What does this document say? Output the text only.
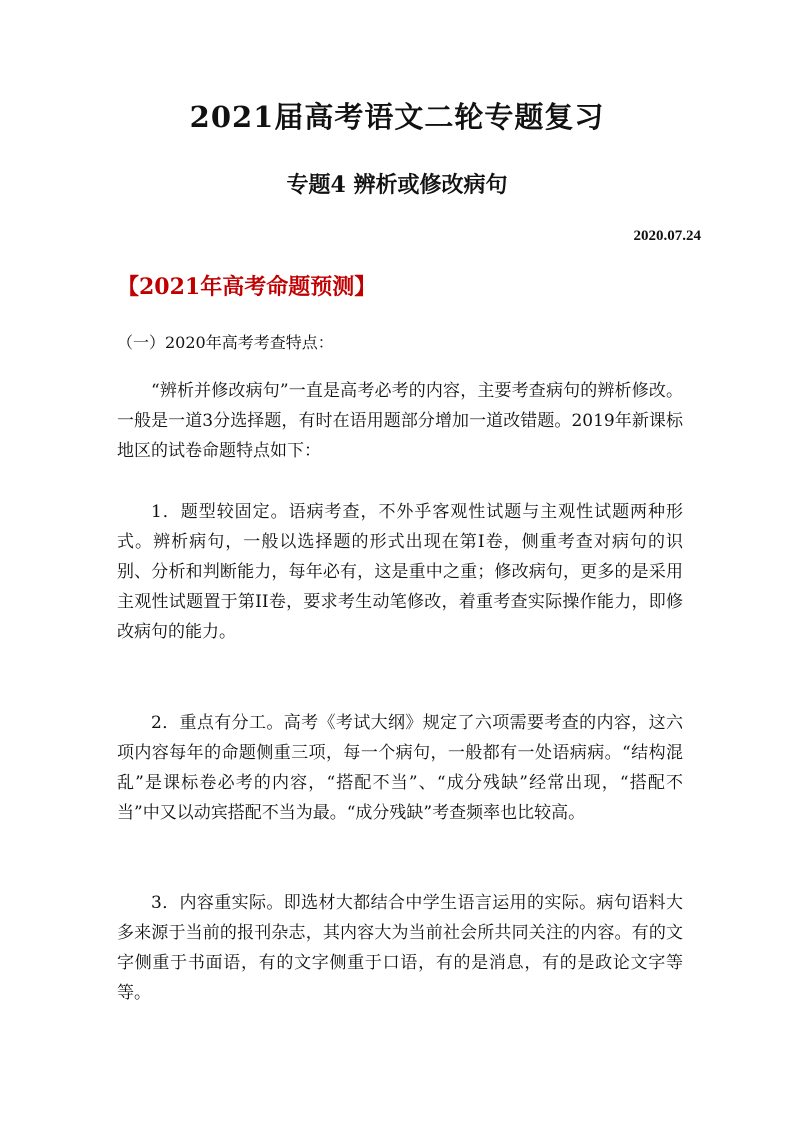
2021届高考语文二轮专题复习
专题4 辨析或修改病句
2020.07.24
【2021年高考命题预测】
（一）2020年高考考查特点：

“辨析并修改病句”一直是高考必考的内容，主要考查病句的辨析修改。一般是一道3分选择题，有时在语用题部分增加一道改错题。2019年新课标地区的试卷命题特点如下：

1．题型较固定。语病考查，不外乎客观性试题与主观性试题两种形式。辨析病句，一般以选择题的形式出现在第Ⅰ卷，侧重考查对病句的识别、分析和判断能力，每年必有，这是重中之重；修改病句，更多的是采用主观性试题置于第II卷，要求考生动笔修改，着重考查实际操作能力，即修改病句的能力。

2．重点有分工。高考《考试大纲》规定了六项需要考查的内容，这六项内容每年的命题侧重三项，每一个病句，一般都有一处语病病。“结构混乱”是课标卷必考的内容，“搭配不当”、“成分残缺”经常出现，“搭配不当”中又以动宾搭配不当为最。“成分残缺”考查频率也比较高。

3．内容重实际。即选材大都结合中学生语言运用的实际。病句语料大多来源于当前的报刊杂志，其内容大为当前社会所共同关注的内容。有的文字侧重于书面语，有的文字侧重于口语，有的是消息，有的是政论文字等等。
